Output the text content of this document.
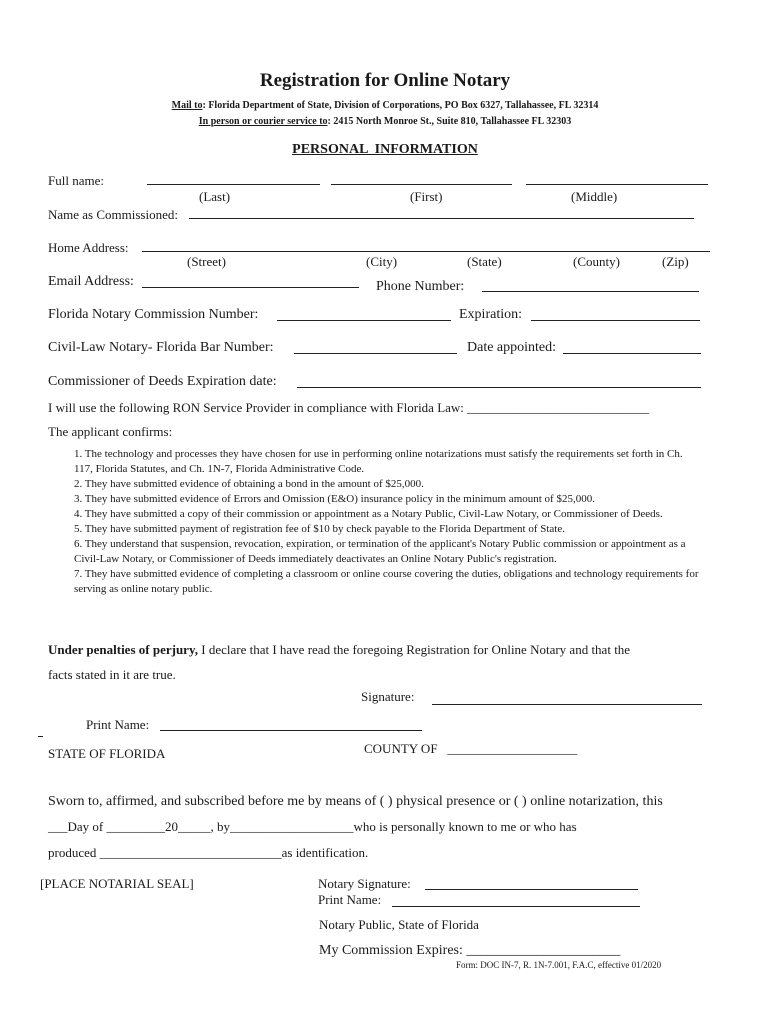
Registration for Online Notary
Mail to: Florida Department of State, Division of Corporations, PO Box 6327, Tallahassee, FL 32314
In person or courier service to: 2415 North Monroe St., Suite 810, Tallahassee FL 32303
PERSONAL  INFORMATION
Full name:
(Last)	(First)	(Middle)
Name as Commissioned:
Home Address:
(Street)	(City)	(State)	(County)	(Zip)
Email Address:	Phone Number:
Florida Notary Commission Number:	Expiration:
Civil-Law Notary- Florida Bar Number:	Date appointed:
Commissioner of Deeds Expiration date:
I will use the following RON Service Provider in compliance with Florida Law: ____________________________
The applicant confirms:

1. The technology and processes they have chosen for use in performing online notarizations must satisfy the requirements set forth in Ch. 117, Florida Statutes, and Ch. 1N-7, Florida Administrative Code.

2. They have submitted evidence of obtaining a bond in the amount of $25,000.

3. They have submitted evidence of Errors and Omission (E&O) insurance policy in the minimum amount of $25,000.

4. They have submitted a copy of their commission or appointment as a Notary Public, Civil-Law Notary, or Commissioner of Deeds.

5. They have submitted payment of registration fee of $10 by check payable to the Florida Department of State.

6. They understand that suspension, revocation, expiration, or termination of the applicant's Notary Public commission or appointment as a Civil-Law Notary, or Commissioner of Deeds immediately deactivates an Online Notary Public's registration.

7. They have submitted evidence of completing a classroom or online course covering the duties, obligations and technology requirements for serving as online notary public.

Under penalties of perjury, I declare that I have read the foregoing Registration for Online Notary and that the
facts stated in it are true.
Signature:
Print Name:
STATE OF FLORIDA	COUNTY OF ____________________
Sworn to, affirmed, and subscribed before me by means of ( ) physical presence or ( ) online notarization, this
___Day of _________20_____, by___________________who is personally known to me or who has
produced ____________________________as identification.
[PLACE NOTARIAL SEAL]	Notary Signature:
Print Name:
Notary Public, State of Florida
My Commission Expires: ______________________
Form: DOC IN-7, R. 1N-7.001, F.A.C, effective 01/2020
